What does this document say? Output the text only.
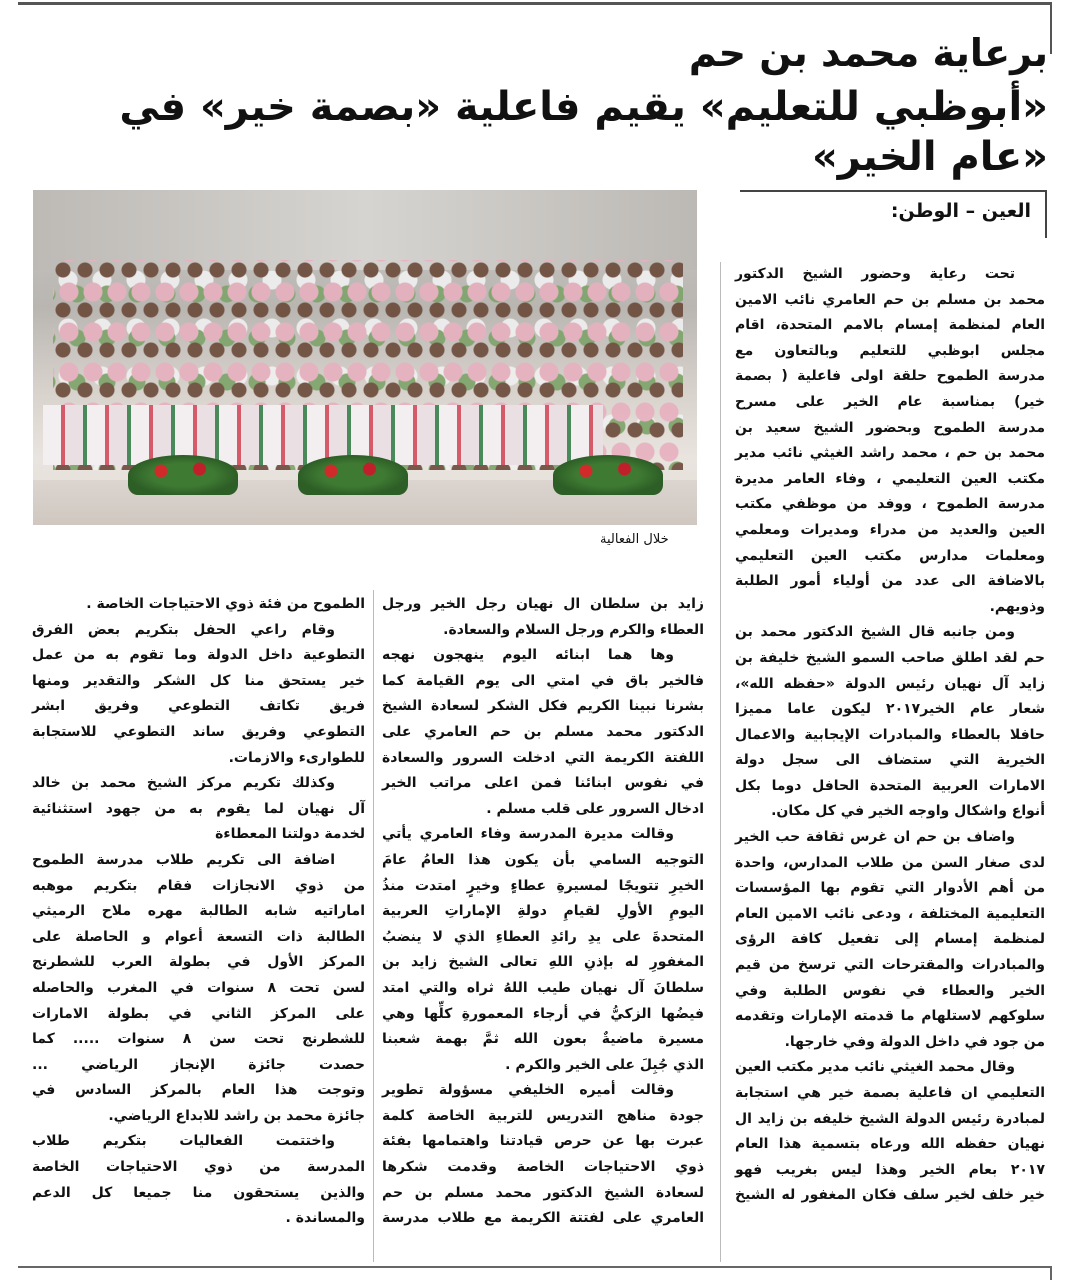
برعاية محمد بن حم
«أبوظبي للتعليم» يقيم فاعلية «بصمة خير» في «عام الخير»
خلال الفعالية
العين – الوطن:
تحت رعاية وحضور الشيخ الدكتور
محمد بن مسلم بن حم العامري نائب الامين
العام لمنظمة إمسام بالامم المتحدة، اقام
مجلس ابوظبي للتعليم وبالتعاون مع
مدرسة الطموح حلقة اولى فاعلية ( بصمة
خير) بمناسبة عام الخير على مسرح
مدرسة الطموح وبحضور الشيخ سعيد بن
محمد بن حم ، محمد راشد الغيثي نائب مدير
مكتب العين التعليمي ، وفاء العامر مديرة
مدرسة الطموح ، ووفد من موظفي مكتب
العين والعديد من مدراء ومديرات ومعلمي
ومعلمات مدارس مكتب العين التعليمي
بالاضافة الى عدد من أولياء أمور الطلبة
وذويهم.
ومن جانبه قال الشيخ الدكتور محمد بن
حم لقد اطلق صاحب السمو الشيخ خليفة بن
زايد آل نهيان رئيس الدولة «حفظه الله»،
شعار عام الخير٢٠١٧ ليكون عاما مميزا
حافلا بالعطاء والمبادرات الإيجابية والاعمال
الخيرية التي ستضاف الى سجل دولة
الامارات العربية المتحدة الحافل دوما بكل
أنواع واشكال واوجه الخير في كل مكان.
واضاف بن حم ان غرس ثقافة حب الخير
لدى صغار السن من طلاب المدارس، واحدة
من أهم الأدوار التي تقوم بها المؤسسات
التعليمية المختلفة ، ودعى نائب الامين العام
لمنظمة إمسام إلى تفعيل كافة الرؤى
والمبادرات والمقترحات التي ترسخ من قيم
الخير والعطاء في نفوس الطلبة وفي
سلوكهم لاستلهام ما قدمته الإمارات وتقدمه
من جود في داخل الدولة وفي خارجها.
وقال محمد الغيثي نائب مدير مكتب العين
التعليمي ان فاعلية بصمة خير هي استجابة
لمبادرة رئيس الدولة الشيخ خليفه بن زايد ال
نهيان حفظه الله ورعاه بتسمية هذا العام
٢٠١٧ بعام الخير وهذا ليس بغريب فهو
خير خلف لخير سلف فكان المغفور له الشيخ
زايد بن سلطان ال نهيان رجل الخير ورجل
العطاء والكرم ورجل السلام والسعادة.
وها هما ابنائه اليوم ينهجون نهجه
فالخير باق في امتي الى يوم القيامة كما
بشرنا نبينا الكريم فكل الشكر لسعادة الشيخ
الدكتور محمد مسلم بن حم العامري على
اللفتة الكريمة التي ادخلت السرور والسعادة
في نفوس ابنائنا فمن اعلى مراتب الخير
ادخال السرور على قلب مسلم .
وقالت مديرة المدرسة وفاء العامري يأتي
التوجيه السامي بأن يكون هذا العامُ عامَ
الخيرِ تتويجًا لمسيرةِ عطاءٍ وخيرٍ امتدت منذُ
اليومِ الأولِ لقيامِ دولةِ الإماراتِ العربية
المتحدةَ على يدِ رائدِ العطاءِ الذي لا ينضبُ
المغفورِ له بإذنِ اللهِ تعالى الشيخ زايد بن
سلطانَ آل نهيان طيب اللهُ ثراه والتي امتد
فيضُها الزكيُّ في أرجاء المعمورةِ كلِّها وهي
مسيرة ماضيةٌ بعون الله ثمَّ بهمة شعبنا
الذي جُبِلَ على الخير والكرم .
وقالت أميره الخليفي مسؤولة تطوير
جودة مناهج التدريس للتربية الخاصة كلمة
عبرت بها عن حرص قيادتنا واهتمامها بفئة
ذوي الاحتياجات الخاصة وقدمت شكرها
لسعادة الشيخ الدكتور محمد مسلم بن حم
العامري على لفتتة الكريمة مع طلاب مدرسة
الطموح من فئة ذوي الاحتياجات الخاصة .
وقام راعي الحفل بتكريم بعض الفرق
التطوعية داخل الدولة وما تقوم به من عمل
خير يستحق منا كل الشكر والتقدير ومنها
فريق تكاتف التطوعي وفريق ابشر
التطوعي وفريق ساند التطوعي للاستجابة
للطوارىء والازمات.
وكذلك تكريم مركز الشيخ محمد بن خالد
آل نهيان لما يقوم به من جهود استثنائية
لخدمة دولتنا المعطاءة
اضافة الى تكريم طلاب مدرسة الطموح
من ذوي الانجازات فقام بتكريم موهبه
اماراتيه شابه الطالبة مهره ملاح الرميثي
الطالبة ذات التسعة أعوام و الحاصلة على
المركز الأول في بطولة العرب للشطرنج
لسن تحت ٨ سنوات في المغرب والحاصله
على المركز الثاني في بطولة الامارات
للشطرنج تحت سن ٨ سنوات ..... كما
حصدت جائزة الإنجاز الرياضي ...
وتوجت هذا العام بالمركز السادس في
جائزة محمد بن راشد للابداع الرياضي.
واختتمت الفعاليات بتكريم طلاب
المدرسة من ذوي الاحتياجات الخاصة
والذين يستحقون منا جميعا كل الدعم
والمساندة .
